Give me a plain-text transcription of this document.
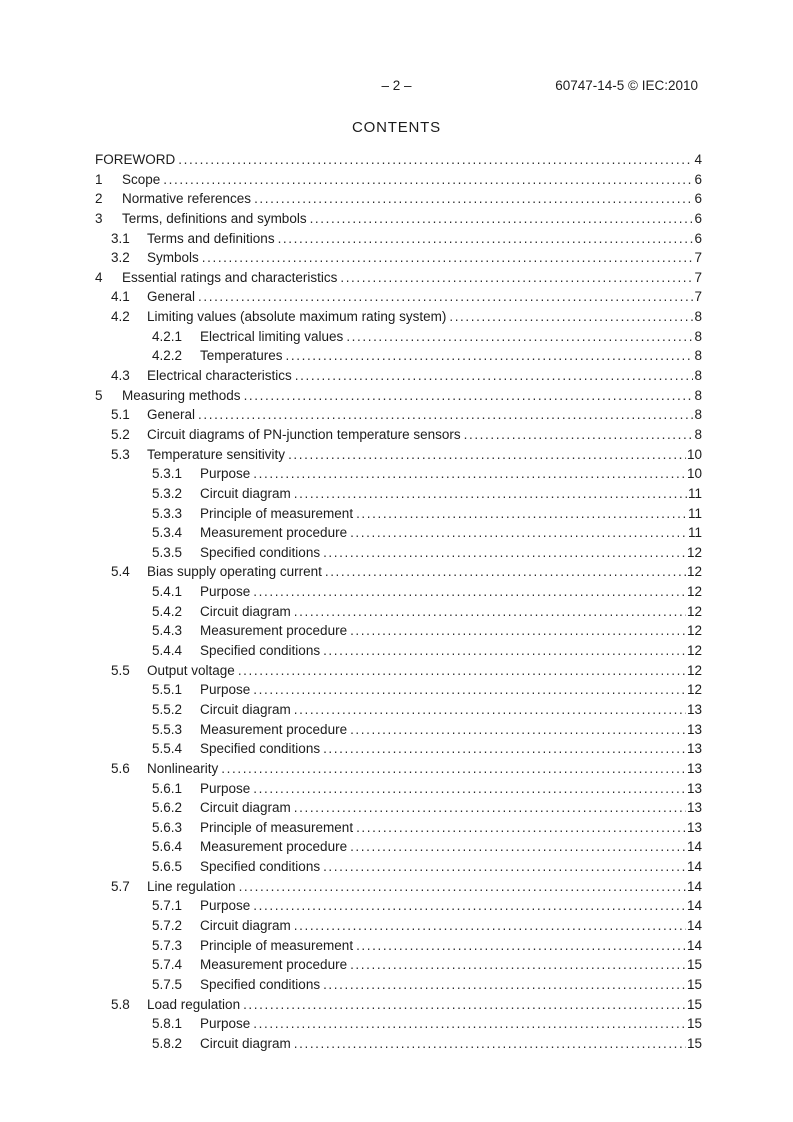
– 2 –	60747-14-5 © IEC:2010
CONTENTS
FOREWORD .....	4
1	Scope .....	6
2	Normative references .....	6
3	Terms, definitions and symbols .....	6
3.1	Terms and definitions .....	6
3.2	Symbols .....	7
4	Essential ratings and characteristics .....	7
4.1	General .....	7
4.2	Limiting values (absolute maximum rating system) .....	8
4.2.1	Electrical limiting values .....	8
4.2.2	Temperatures .....	8
4.3	Electrical characteristics .....	8
5	Measuring methods .....	8
5.1	General .....	8
5.2	Circuit diagrams of PN-junction temperature sensors .....	8
5.3	Temperature sensitivity .....	10
5.3.1	Purpose .....	10
5.3.2	Circuit diagram .....	11
5.3.3	Principle of measurement .....	11
5.3.4	Measurement procedure .....	11
5.3.5	Specified conditions .....	12
5.4	Bias supply operating current .....	12
5.4.1	Purpose .....	12
5.4.2	Circuit diagram .....	12
5.4.3	Measurement procedure .....	12
5.4.4	Specified conditions .....	12
5.5	Output voltage .....	12
5.5.1	Purpose .....	12
5.5.2	Circuit diagram .....	13
5.5.3	Measurement procedure .....	13
5.5.4	Specified conditions .....	13
5.6	Nonlinearity .....	13
5.6.1	Purpose .....	13
5.6.2	Circuit diagram .....	13
5.6.3	Principle of measurement .....	13
5.6.4	Measurement procedure .....	14
5.6.5	Specified conditions .....	14
5.7	Line regulation .....	14
5.7.1	Purpose .....	14
5.7.2	Circuit diagram .....	14
5.7.3	Principle of measurement .....	14
5.7.4	Measurement procedure .....	15
5.7.5	Specified conditions .....	15
5.8	Load regulation .....	15
5.8.1	Purpose .....	15
5.8.2	Circuit diagram .....	15
